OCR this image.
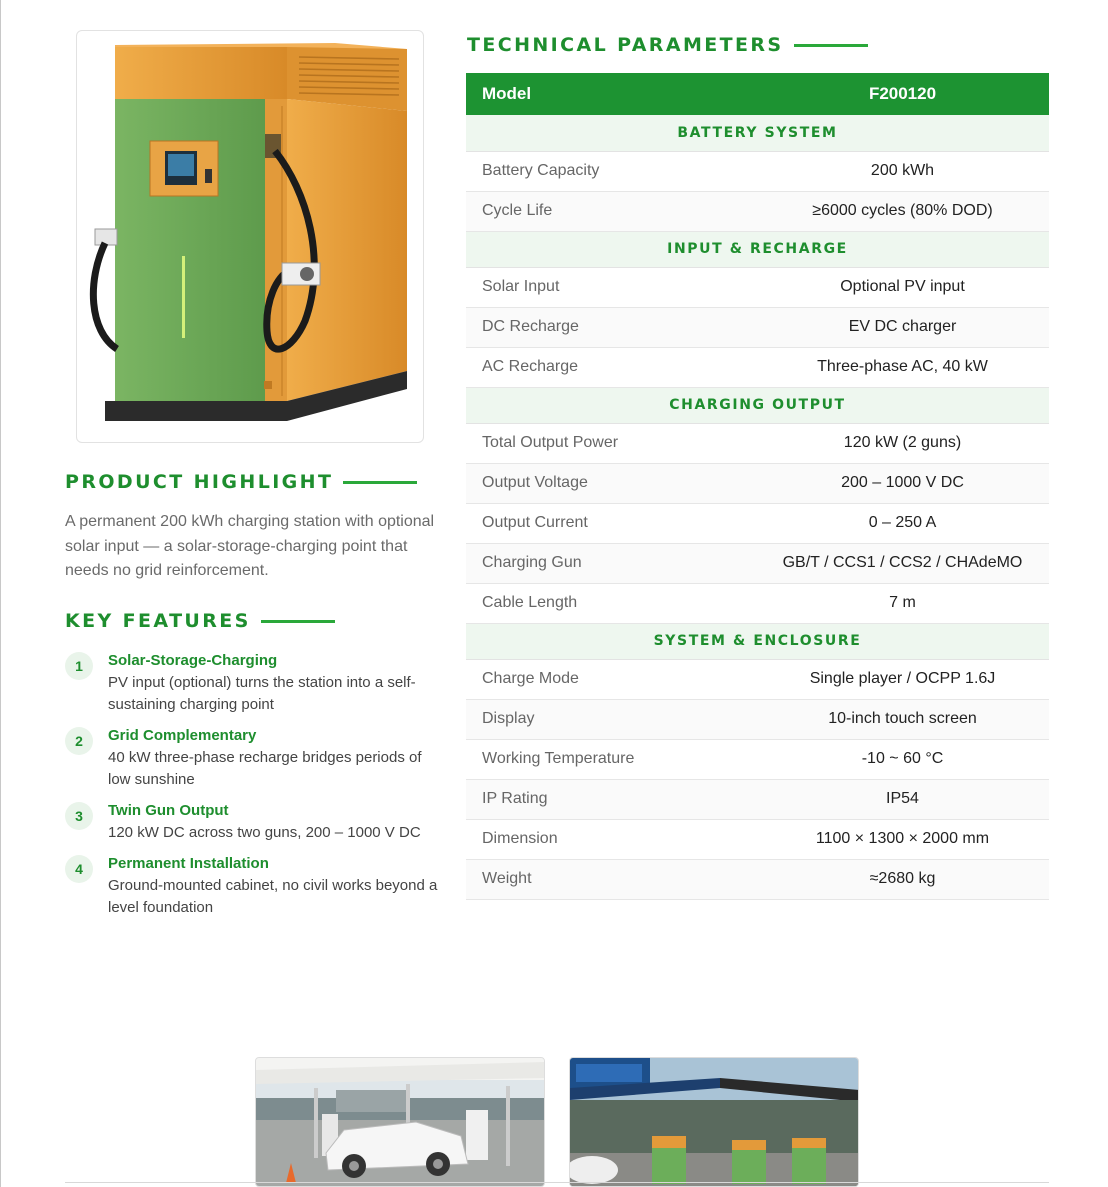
TECHNICAL PARAMETERS
Model	F200120
BATTERY SYSTEM	
Battery Capacity	200 kWh
Cycle Life	≥6000 cycles (80% DOD)
INPUT & RECHARGE	
Solar Input	Optional PV input
DC Recharge	EV DC charger
AC Recharge	Three-phase AC, 40 kW
CHARGING OUTPUT	
Total Output Power	120 kW (2 guns)
Output Voltage	200 – 1000 V DC
Output Current	0 – 250 A
Charging Gun	GB/T / CCS1 / CCS2 / CHAdeMO
Cable Length	7 m
SYSTEM & ENCLOSURE	
Charge Mode	Single player / OCPP 1.6J
Display	10-inch touch screen
Working Temperature	-10 ~ 60 °C
IP Rating	IP54
Dimension	1100 × 1300 × 2000 mm
Weight	≈2680 kg
PRODUCT HIGHLIGHT
A permanent 200 kWh charging station with optional solar input — a solar-storage-charging point that needs no grid reinforcement.
KEY FEATURES
1	Solar-Storage-Charging
PV input (optional) turns the station into a self-sustaining charging point
2	Grid Complementary
40 kW three-phase recharge bridges periods of low sunshine
3	Twin Gun Output
120 kW DC across two guns, 200 – 1000 V DC
4	Permanent Installation
Ground-mounted cabinet, no civil works beyond a level foundation
